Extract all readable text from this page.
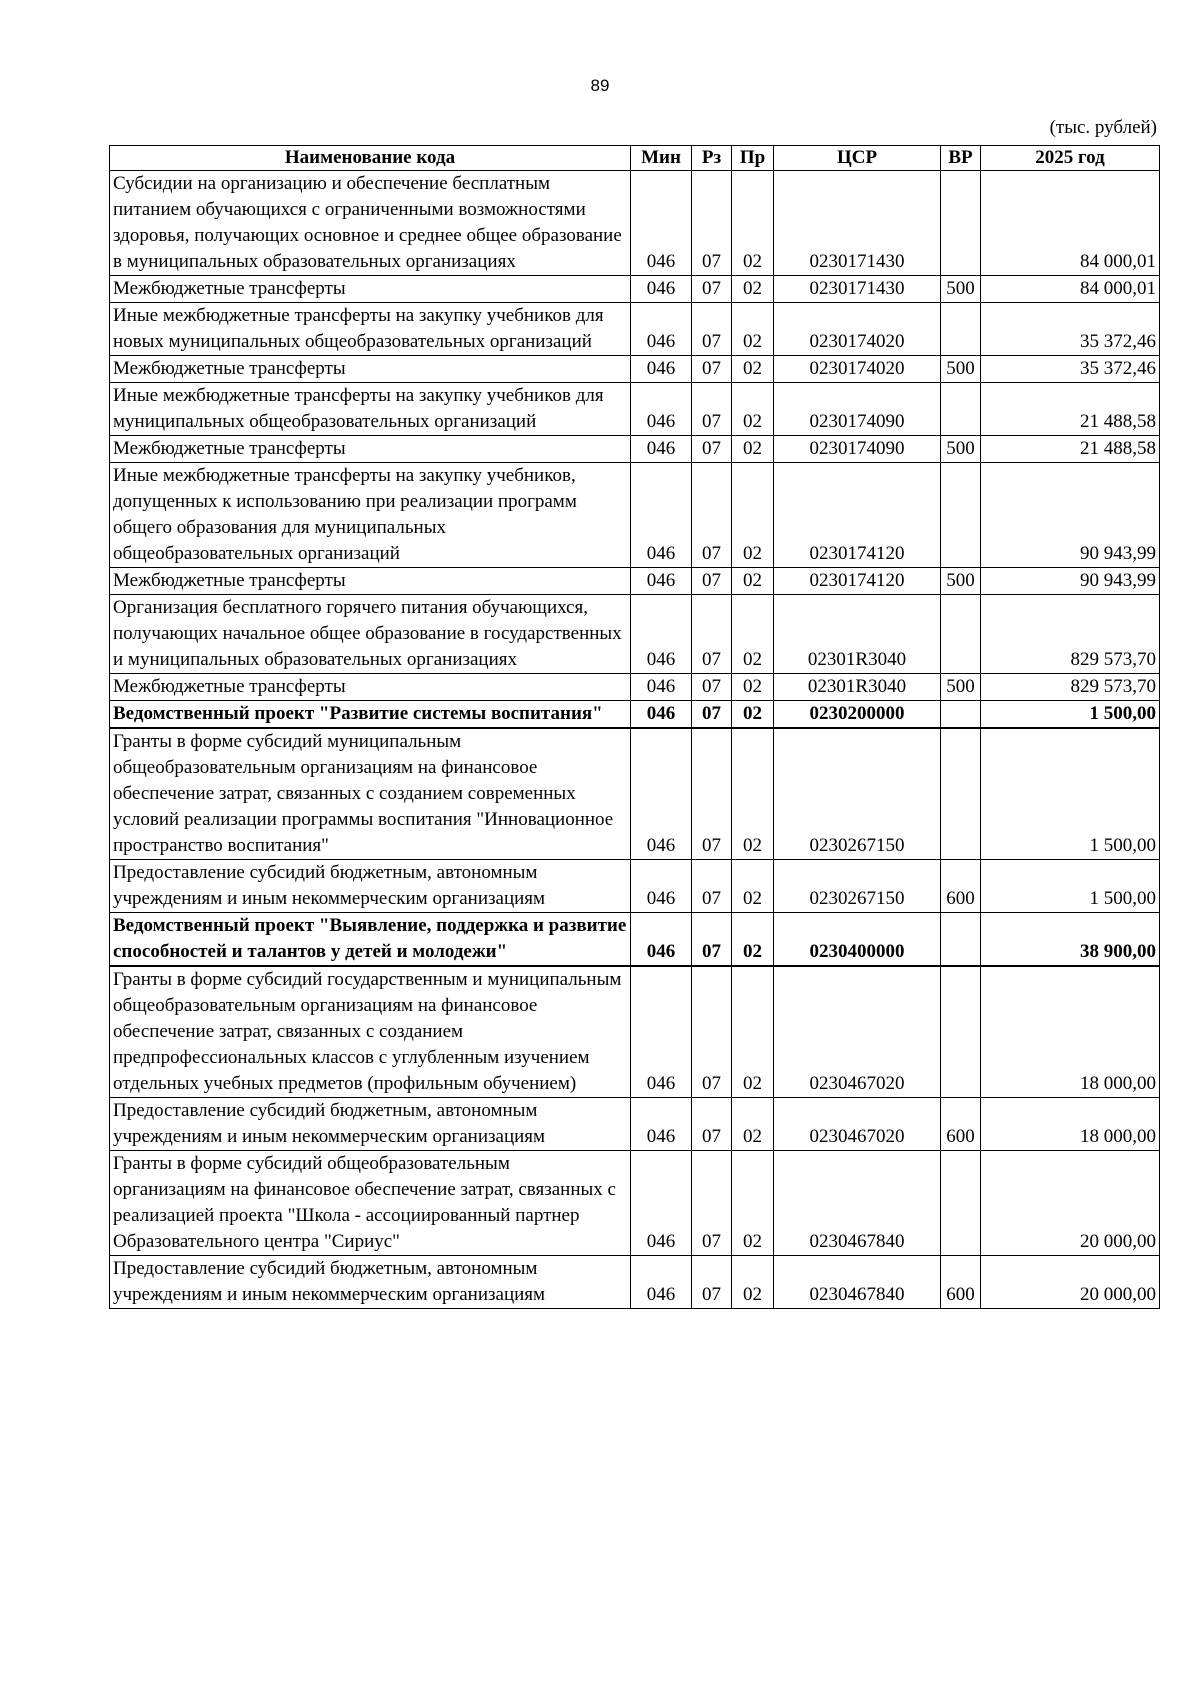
89
(тыс. рублей)
Наименование кода	Мин	Рз	Пр	ЦСР	ВР	2025 год
Субсидии на организацию и обеспечение бесплатным питанием обучающихся с ограниченными возможностями здоровья, получающих основное и среднее общее образование в муниципальных образовательных организациях	046	07	02	0230171430		84 000,01
Межбюджетные трансферты	046	07	02	0230171430	500	84 000,01
Иные межбюджетные трансферты на закупку учебников для новых муниципальных общеобразовательных организаций	046	07	02	0230174020		35 372,46
Межбюджетные трансферты	046	07	02	0230174020	500	35 372,46
Иные межбюджетные трансферты на закупку учебников для муниципальных общеобразовательных организаций	046	07	02	0230174090		21 488,58
Межбюджетные трансферты	046	07	02	0230174090	500	21 488,58
Иные межбюджетные трансферты на закупку учебников, допущенных к использованию при реализации программ общего образования для муниципальных общеобразовательных организаций	046	07	02	0230174120		90 943,99
Межбюджетные трансферты	046	07	02	0230174120	500	90 943,99
Организация бесплатного горячего питания обучающихся, получающих начальное общее образование в государственных и муниципальных образовательных организациях	046	07	02	02301R3040		829 573,70
Межбюджетные трансферты	046	07	02	02301R3040	500	829 573,70
Ведомственный проект "Развитие системы воспитания"	046	07	02	0230200000		1 500,00
Гранты в форме субсидий муниципальным общеобразовательным организациям на финансовое обеспечение затрат, связанных с созданием современных условий реализации программы воспитания "Инновационное пространство воспитания"	046	07	02	0230267150		1 500,00
Предоставление субсидий бюджетным, автономным учреждениям и иным некоммерческим организациям	046	07	02	0230267150	600	1 500,00
Ведомственный проект "Выявление, поддержка и развитие способностей и талантов у детей и молодежи"	046	07	02	0230400000		38 900,00
Гранты в форме субсидий государственным и муниципальным общеобразовательным организациям на финансовое обеспечение затрат, связанных с созданием предпрофессиональных классов с углубленным изучением отдельных учебных предметов (профильным обучением)	046	07	02	0230467020		18 000,00
Предоставление субсидий бюджетным, автономным учреждениям и иным некоммерческим организациям	046	07	02	0230467020	600	18 000,00
Гранты в форме субсидий общеобразовательным организациям на финансовое обеспечение затрат, связанных с реализацией проекта "Школа - ассоциированный партнер Образовательного центра "Сириус"	046	07	02	0230467840		20 000,00
Предоставление субсидий бюджетным, автономным учреждениям и иным некоммерческим организациям	046	07	02	0230467840	600	20 000,00
